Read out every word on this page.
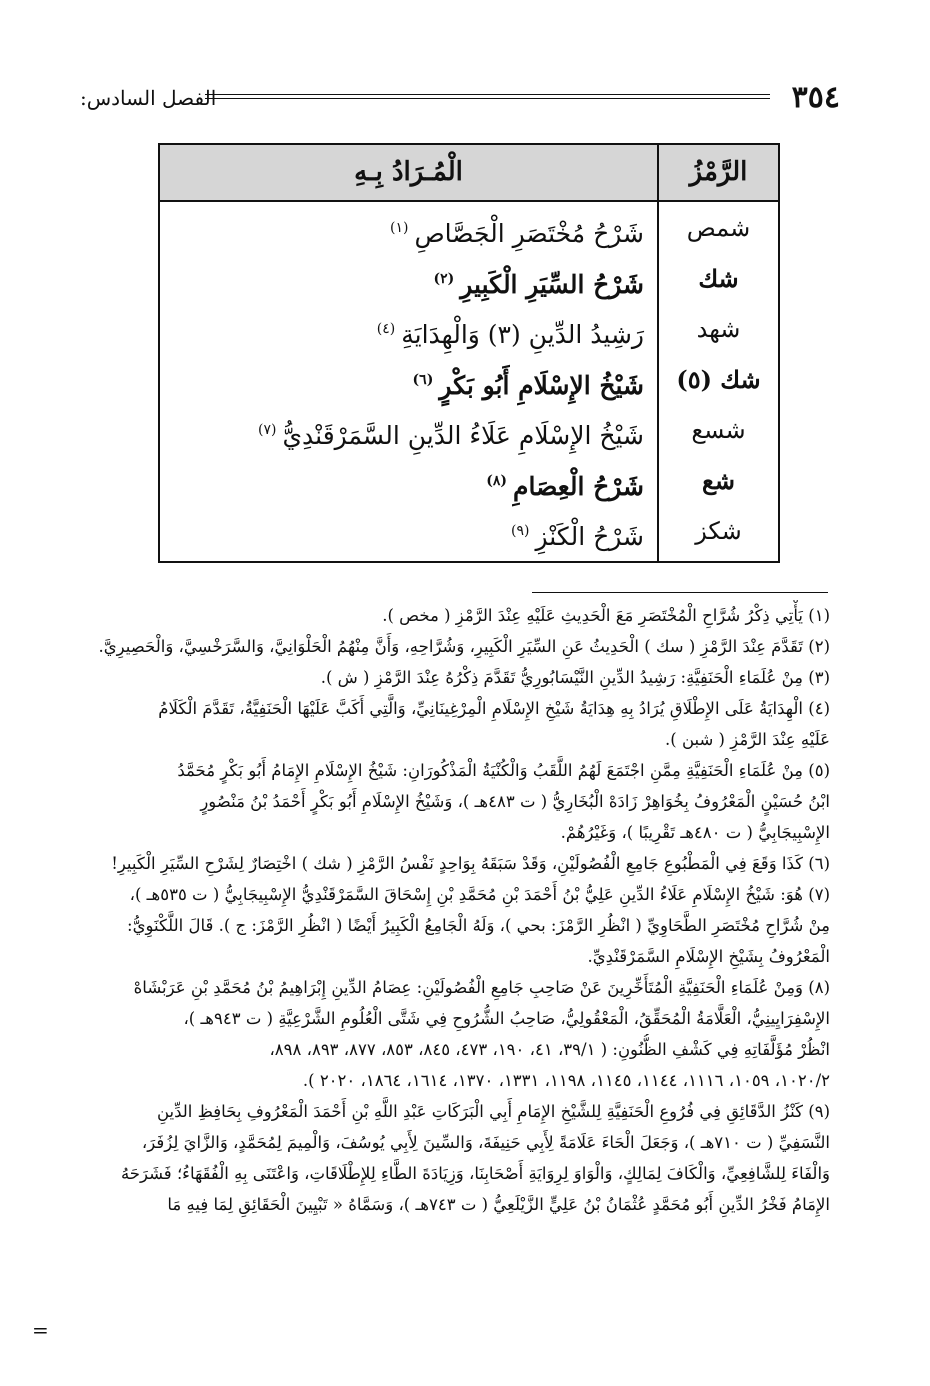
٣٥٤
الفصل السادس:
الرَّمْزُ
الْمُـرَادُ بِـهِ
شمص
شَرْحُ مُخْتَصَرِ الْجَصَّاصِ$^{(١)}$
شك
شَرْحُ السِّيَرِ الْكَبِيرِ$^{(٢)}$
شهد
رَشِيدُ الدِّينِ (٣) وَالْهِدَايَةِ$^{(٤)}$
شك (٥)
شَيْخُ الإِسْلَامِ أَبُو بَكْرٍ$^{(٦)}$
شسع
شَيْخُ الإِسْلَامِ عَلَاءُ الدِّينِ السَّمَرْقَنْدِيُّ$^{(٧)}$
شع
شَرْحُ الْعِصَامِ$^{(٨)}$
شكز
شَرْحُ الْكَنْزِ$^{(٩)}$
(١) يَأْتِي ذِكْرُ شُرَّاحِ الْمُخْتَصَرِ مَعَ الْحَدِيثِ عَلَيْهِ عِنْدَ الرَّمْزِ ( مخص ).
(٢) تَقَدَّمَ عِنْدَ الرَّمْزِ ( سك ) الْحَدِيثُ عَنِ السِّيَرِ الْكَبِيرِ، وَشُرَّاحِهِ، وَأَنَّ مِنْهُمُ الْحَلْوَانِيَّ، وَالسَّرَخْسِيَّ، وَالْحَصِيرِيَّ.
(٣) مِنْ عُلَمَاءِ الْحَنَفِيَّةِ: رَشِيدُ الدِّينِ النَّيْسَابُورِيُّ تَقَدَّمَ ذِكْرُهُ عِنْدَ الرَّمْزِ ( ش ).
(٤) الْهِدَايَةُ عَلَى الإِطْلَاقِ يُرَادُ بِهِ هِدَايَةُ شَيْخِ الإِسْلَامِ الْمِرْغِينَانِيِّ، وَالَّتِي أَكَبَّ عَلَيْهَا الْحَنَفِيَّةُ، تَقَدَّمَ الْكَلَامُ
عَلَيْهِ عِنْدَ الرَّمْزِ ( شبن ).
(٥) مِنْ عُلَمَاءِ الْحَنَفِيَّةِ مِمَّنِ اجْتَمَعَ لَهُمُ اللَّقَبُ وَالْكُنْيَةُ الْمَذْكُورَانِ: شَيْخُ الإِسْلَامِ الإِمَامُ أَبُو بَكْرٍ مُحَمَّدُ
ابْنُ حُسَيْنٍ الْمَعْرُوفُ بِخُوَاهِرْ زَادَهْ الْبُخَارِيُّ ( ت ٤٨٣هـ )، وَشَيْخُ الإِسْلَامِ أَبُو بَكْرٍ أَحْمَدُ بْنُ مَنْصُورٍ
الإِسْبِيجَابِيُّ ( ت ٤٨٠هـ تَقْرِيبًا )، وَغَيْرُهُمْ.
(٦) كَذَا وَقَعَ فِي الْمَطْبُوعِ جَامِعِ الْفُصُولَيْنِ، وَقَدْ سَبَقَهُ بِوَاحِدٍ نَفْسُ الرَّمْزِ ( شك ) اخْتِصَارٌ لِشَرْحِ السِّيَرِ الْكَبِيرِ!
(٧) هُوَ: شَيْخُ الإِسْلَامِ عَلَاءُ الدِّينِ عَلِيُّ بْنُ أَحْمَدَ بْنِ مُحَمَّدِ بْنِ إِسْحَاقَ السَّمَرْقَنْدِيُّ الإِسْبِيجَابِيُّ ( ت ٥٣٥هـ )،
مِنْ شُرَّاحِ مُخْتَصَرِ الطَّحَاوِيِّ ( انْظُرِ الرَّمْزَ: بحي )، وَلَهُ الْجَامِعُ الْكَبِيرُ أَيْضًا ( انْظُرِ الرَّمْزَ: ج ). قَالَ اللَّكْنَوِيُّ:
الْمَعْرُوفُ بِشَيْخِ الإِسْلَامِ السَّمَرْقَنْدِيِّ.
(٨) وَمِنْ عُلَمَاءِ الْحَنَفِيَّةِ الْمُتَأَخِّرِينَ عَنْ صَاحِبِ جَامِعِ الْفُصُولَيْنِ: عِصَامُ الدِّينِ إِبْرَاهِيمُ بْنُ مُحَمَّدِ بْنِ عَرَبْشَاهْ
الإِسْفِرَايِينِيُّ، الْعَلَّامَةُ الْمُحَقِّقُ، الْمَعْقُولِيُّ، صَاحِبُ الشُّرُوحِ فِي شَتَّى الْعُلُومِ الشَّرْعِيَّةِ ( ت ٩٤٣هـ )،
انْظُرْ مُؤَلَّفَاتِهِ فِي كَشْفِ الظُّنُونِ: ( ٣٩/١، ٤١، ١٩٠، ٤٧٣، ٨٤٥، ٨٥٣، ٨٧٧، ٨٩٣، ٨٩٨،
١٠٢٠/٢، ١٠٥٩، ١١١٦، ١١٤٤، ١١٤٥، ١١٩٨، ١٣٣١، ١٣٧٠، ١٦١٤، ١٨٦٤، ٢٠٢٠ ).
(٩) كَنْزُ الدَّقَائِقِ فِي فُرُوعِ الْحَنَفِيَّةِ لِلشَّيْخِ الإِمَامِ أَبِي الْبَرَكَاتِ عَبْدِ اللَّهِ بْنِ أَحْمَدَ الْمَعْرُوفِ بِحَافِظِ الدِّينِ
النَّسَفِيِّ ( ت ٧١٠هـ )، وَجَعَلَ الْحَاءَ عَلَامَةً لِأَبِي حَنِيفَةَ، وَالسِّينَ لِأَبِي يُوسُفَ، وَالْمِيمَ لِمُحَمَّدٍ، وَالزَّايَ لِزُفَرَ،
وَالْفَاءَ لِلشَّافِعِيِّ، وَالْكَافَ لِمَالِكٍ، وَالْوَاوَ لِرِوَايَةِ أَصْحَابِنَا، وَزِيَادَةَ الطَّاءِ لِلإِطْلَاقَاتِ، وَاعْتَنَى بِهِ الْفُقَهَاءُ؛ فَشَرَحَهُ
الإِمَامُ فَخْرُ الدِّينِ أَبُو مُحَمَّدٍ عُثْمَانُ بْنُ عَلِيٍّ الزَّيْلَعِيُّ ( ت ٧٤٣هـ )، وَسَمَّاهُ « تَبْيِينَ الْحَقَائِقِ لِمَا فِيهِ مَا
=
